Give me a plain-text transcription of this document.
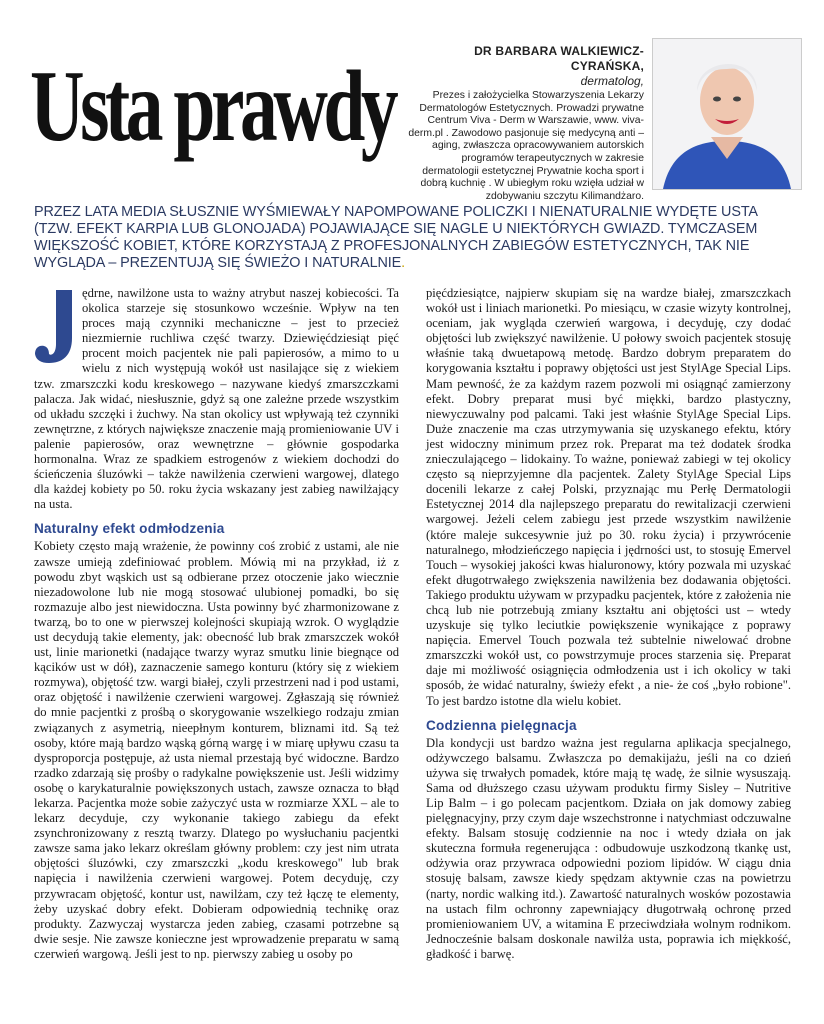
Usta prawdy	DR BARBARA WALKIEWICZ-CYRAŃSKA,
dermatolog,
Prezes i założycielka Stowarzyszenia Lekarzy Dermatologów Estetycznych. Prowadzi prywatne Centrum Viva - Derm w Warszawie, www. viva-derm.pl . Zawodowo pasjonuje się medycyną anti – aging, zwłaszcza opracowywaniem autorskich programów terapeutycznych w zakresie dermatologii estetycznej Prywatnie kocha sport i dobrą kuchnię . W ubiegłym roku wzięła udział w zdobywaniu szczytu Kilimandżaro.
PRZEZ LATA MEDIA SŁUSZNIE WYŚMIEWAŁY NAPOMPOWANE POLICZKI I NIENATURALNIE WYDĘTE USTA (TZW. EFEKT KARPIA LUB GLONOJADA) POJAWIAJĄCE SIĘ NAGLE U NIEKTÓRYCH GWIAZD. TYMCZASEM WIĘKSZOŚĆ KOBIET, KTÓRE KORZYSTAJĄ Z PROFESJONALNYCH ZABIEGÓW ESTETYCZNYCH, TAK NIE WYGLĄDA – PREZENTUJĄ SIĘ ŚWIEŻO I NATURALNIE.

ędrne, nawilżone usta to ważny atrybut naszej kobiecości. Ta okolica starzeje się stosunkowo wcześnie. Wpływ na ten proces mają czynniki mechaniczne – jest to przecież niezmiernie ruchliwa część twarzy. Dziewięćdziesiąt pięć procent moich pacjentek nie pali papierosów, a mimo to u wielu z nich występują wokół ust nasilające się z wiekiem tzw. zmarszczki kodu kreskowego – nazywane kiedyś zmarszczkami palacza. Jak widać, niesłusznie, gdyż są one zależne przede wszystkim od układu szczęki i żuchwy. Na stan okolicy ust wpływają też czynniki zewnętrzne, z których największe znaczenie mają promieniowanie UV i palenie papierosów, oraz wewnętrzne – głównie gospodarka hormonalna. Wraz ze spadkiem estrogenów z wiekiem dochodzi do ścieńczenia śluzówki – także nawilżenia czerwieni wargowej, dlatego dla każdej kobiety po 50. roku życia wskazany jest zabieg nawilżający na usta.

Naturalny efekt odmłodzenia

Kobiety często mają wrażenie, że powinny coś zrobić z ustami, ale nie zawsze umieją zdefiniować problem. Mówią mi na przykład, iż z powodu zbyt wąskich ust są odbierane przez otoczenie jako wiecznie niezadowolone lub nie mogą stosować ulubionej pomadki, bo się rozmazuje albo jest niewidoczna. Usta powinny być zharmonizowane z twarzą, bo to one w pierwszej kolejności skupiają wzrok. O wyglądzie ust decydują takie elementy, jak: obecność lub brak zmarszczek wokół ust, linie marionetki (nadające twarzy wyraz smutku linie biegnące od kącików ust w dół), zaznaczenie samego konturu (który się z wiekiem rozmywa), objętość tzw. wargi białej, czyli przestrzeni nad i pod ustami, oraz objętość i nawilżenie czerwieni wargowej. Zgłaszają się również do mnie pacjentki z prośbą o skorygowanie wszelkiego rodzaju zmian związanych z asymetrią, nieepłnym konturem, bliznami itd. Są też osoby, które mają bardzo wąską górną wargę i w miarę upływu czasu ta dysproporcja postępuje, aż usta niemal przestają być widoczne. Bardzo rzadko zdarzają się prośby o radykalne powiększenie ust. Jeśli widzimy osobę o karykaturalnie powiększonych ustach, zawsze oznacza to błąd lekarza. Pacjentka może sobie zażyczyć usta w rozmiarze XXL – ale to lekarz decyduje, czy wykonanie takiego zabiegu da efekt zsynchronizowany z resztą twarzy. Dlatego po wysłuchaniu pacjentki zawsze sama jako lekarz określam główny problem: czy jest nim utrata objętości śluzówki, czy zmarszczki „kodu kreskowego" lub brak napięcia i nawilżenia czerwieni wargowej. Potem decyduję, czy przywracam objętość, kontur ust, nawilżam, czy też łączę te elementy, żeby uzyskać dobry efekt. Dobieram odpowiednią technikę oraz produkty. Zazwyczaj wystarcza jeden zabieg, czasami potrzebne są dwie sesje. Nie zawsze konieczne jest wprowadzenie preparatu w samą czerwień wargową. Jeśli jest to np. pierwszy zabieg u osoby po

pięćdziesiątce, najpierw skupiam się na wardze białej, zmarszczkach wokół ust i liniach marionetki. Po miesiącu, w czasie wizyty kontrolnej, oceniam, jak wygląda czerwień wargowa, i decyduję, czy dodać objętości lub zwiększyć nawilżenie. U połowy swoich pacjentek stosuję właśnie taką dwuetapową metodę. Bardzo dobrym preparatem do korygowania kształtu i poprawy objętości ust jest StylAge Special Lips. Mam pewność, że za każdym razem pozwoli mi osiągnąć zamierzony efekt. Dobry preparat musi być miękki, bardzo plastyczny, niewyczuwalny pod palcami. Taki jest właśnie StylAge Special Lips. Duże znaczenie ma czas utrzymywania się uzyskanego efektu, który jest widoczny minimum przez rok. Preparat ma też dodatek środka znieczulającego – lidokainy. To ważne, ponieważ zabiegi w tej okolicy często są nieprzyjemne dla pacjentek. Zalety StylAge Special Lips docenili lekarze z całej Polski, przyznając mu Perłę Dermatologii Estetycznej 2014 dla najlepszego preparatu do rewitalizacji czerwieni wargowej. Jeżeli celem zabiegu jest przede wszystkim nawilżenie (które maleje sukcesywnie już po 30. roku życia) i przywrócenie naturalnego, młodzieńczego napięcia i jędrności ust, to stosuję Emervel Touch – wysokiej jakości kwas hialuronowy, który pozwala mi uzyskać efekt długotrwałego zwiększenia nawilżenia bez dodawania objętości. Takiego produktu używam w przypadku pacjentek, które z założenia nie chcą lub nie potrzebują zmiany kształtu ani objętości ust – wtedy uzyskuje się tylko leciutkie powiększenie wynikające z poprawy napięcia. Emervel Touch pozwala też subtelnie niwelować drobne zmarszczki wokół ust, co powstrzymuje proces starzenia się. Preparat daje mi możliwość osiągnięcia odmłodzenia ust i ich okolicy w taki sposób, że widać naturalny, świeży efekt , a nie- że coś „było robione". To jest bardzo istotne dla wielu kobiet.

Codzienna pielęgnacja

Dla kondycji ust bardzo ważna jest regularna aplikacja specjalnego, odżywczego balsamu. Zwłaszcza po demakijażu, jeśli na co dzień używa się trwałych pomadek, które mają tę wadę, że silnie wysuszają. Sama od dłuższego czasu używam produktu firmy Sisley – Nutritive Lip Balm – i go polecam pacjentkom. Działa on jak domowy zabieg pielęgnacyjny, przy czym daje wszechstronne i natychmiast odczuwalne efekty. Balsam stosuję codziennie na noc i wtedy działa on jak skuteczna formuła regenerująca : odbudowuje uszkodzoną tkankę ust, odżywia oraz przywraca odpowiedni poziom lipidów. W ciągu dnia stosuję balsam, zawsze kiedy spędzam aktywnie czas na powietrzu (narty, nordic walking itd.). Zawartość naturalnych wosków pozostawia na ustach film ochronny zapewniający długotrwałą ochronę przed promieniowaniem UV, a witamina E przeciwdziała wolnym rodnikom. Jednocześnie balsam doskonale nawilża usta, poprawia ich miękkość, gładkość i barwę.
